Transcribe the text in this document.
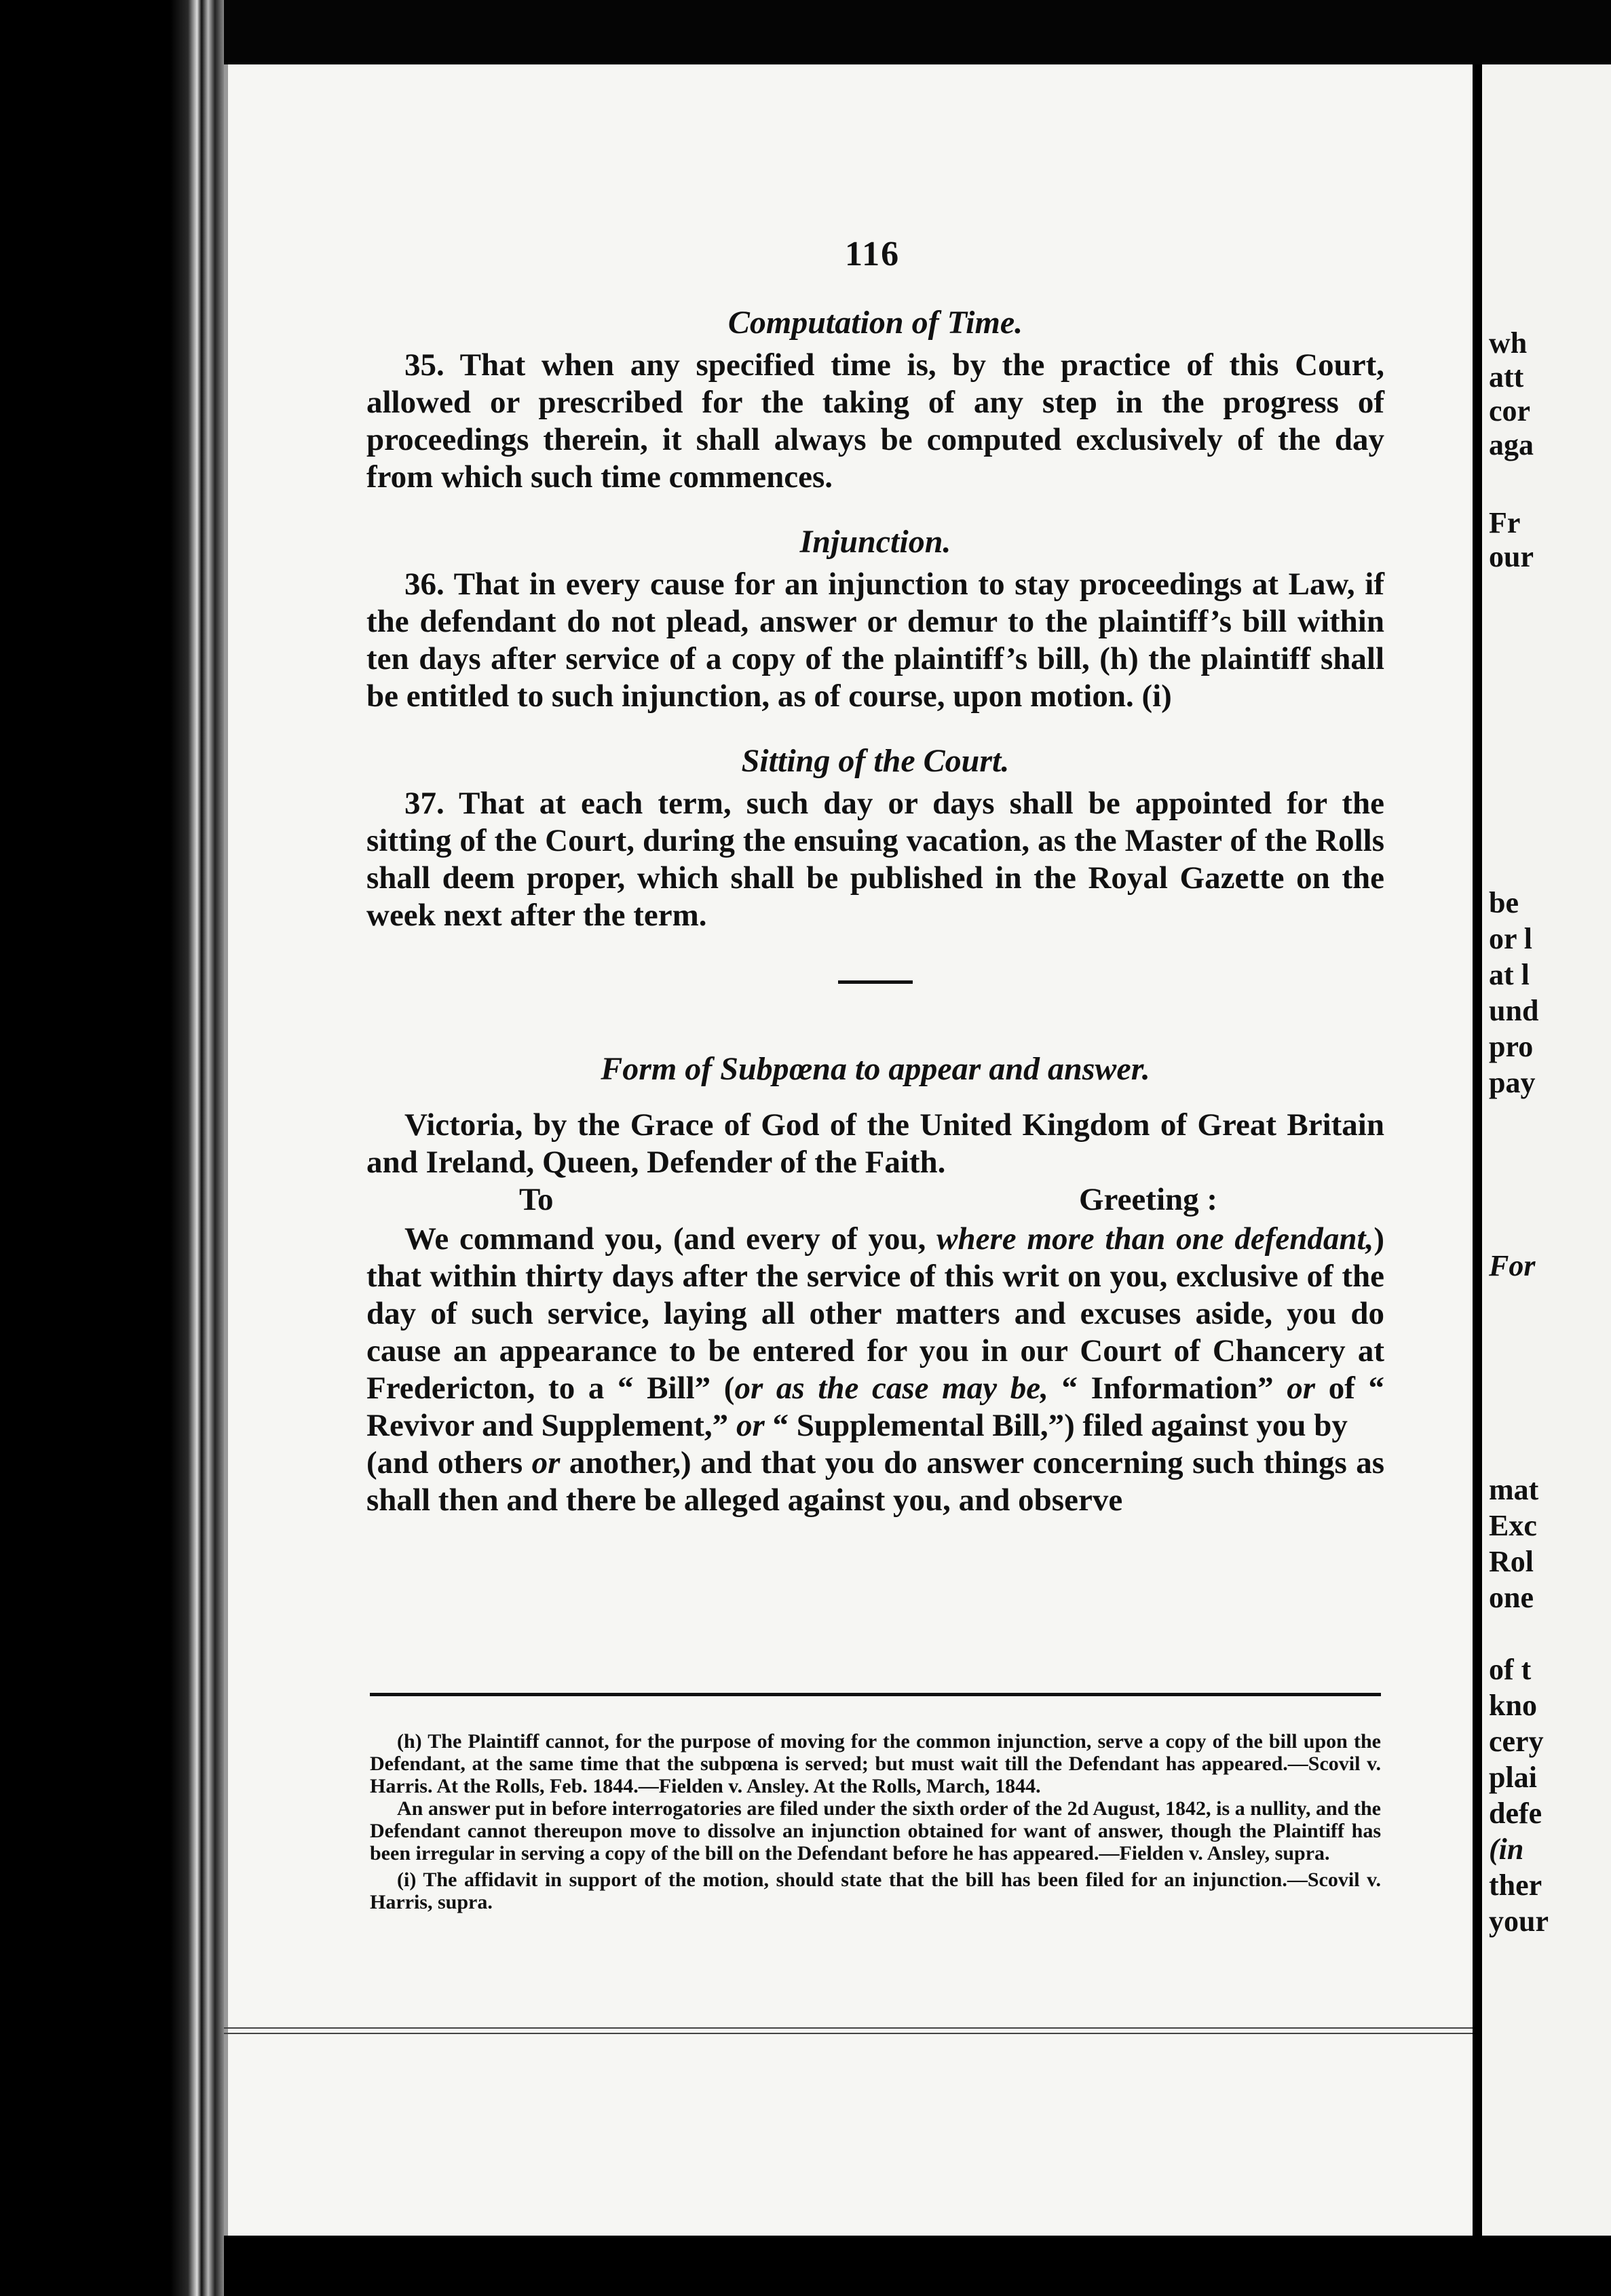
wh
att
cor
aga
Fr
our
be
or l
at l
und
pro
pay
For
mat
Exc
Rol
one
of t
kno
cery
plai
defe
(in
ther
your
116

Computation of Time.

35. That when any specified time is, by the practice of this Court, allowed or prescribed for the taking of any step in the progress of proceedings therein, it shall always be computed exclusively of the day from which such time commences.

Injunction.

36. That in every cause for an injunction to stay proceedings at Law, if the defendant do not plead, answer or demur to the plaintiff’s bill within ten days after service of a copy of the plaintiff’s bill, (h) the plaintiff shall be entitled to such injunction, as of course, upon motion. (i)

Sitting of the Court.

37. That at each term, such day or days shall be appointed for the sitting of the Court, during the ensuing vacation, as the Master of the Rolls shall deem proper, which shall be published in the Royal Gazette on the week next after the term.

Form of Subpœna to appear and answer.

Victoria, by the Grace of God of the United Kingdom of Great Britain and Ireland, Queen, Defender of the Faith.

To	Greeting :

We command you, (and every of you, where more than one defendant,) that within thirty days after the service of this writ on you, exclusive of the day of such service, laying all other matters and excuses aside, you do cause an appearance to be entered for you in our Court of Chancery at Fredericton, to a “ Bill” (or as the case may be, “ Information” or of “ Revivor and Supplement,” or “ Supplemental Bill,”) filed against you by

(and others or another,) and that you do answer concerning such things as shall then and there be alleged against you, and observe

(h) The Plaintiff cannot, for the purpose of moving for the common injunction, serve a copy of the bill upon the Defendant, at the same time that the subpœna is served; but must wait till the Defendant has appeared.—Scovil v. Harris. At the Rolls, Feb. 1844.—Fielden v. Ansley. At the Rolls, March, 1844.

An answer put in before interrogatories are filed under the sixth order of the 2d August, 1842, is a nullity, and the Defendant cannot thereupon move to dissolve an injunction obtained for want of answer, though the Plaintiff has been irregular in serving a copy of the bill on the Defendant before he has appeared.—Fielden v. Ansley, supra.

(i) The affidavit in support of the motion, should state that the bill has been filed for an injunction.—Scovil v. Harris, supra.
